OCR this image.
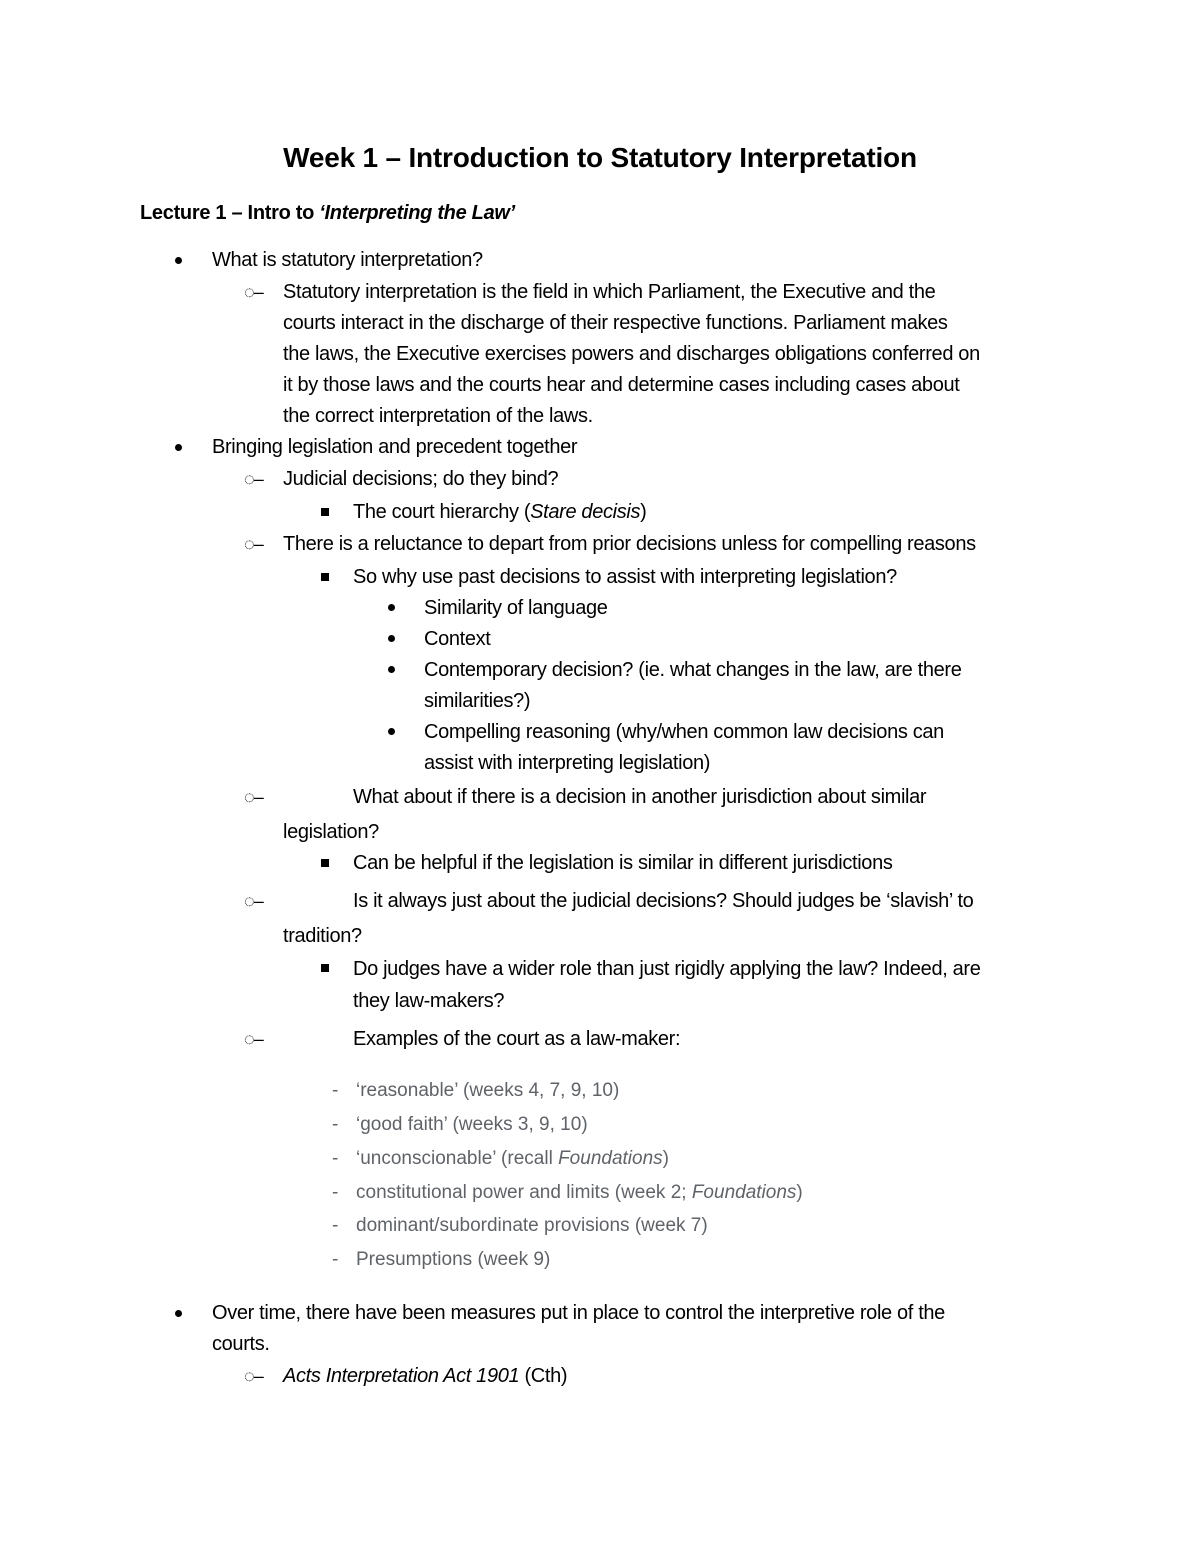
Week 1 – Introduction to Statutory Interpretation
Lecture 1 – Intro to ‘Interpreting the Law’
What is statutory interpretation?
◌– Statutory interpretation is the field in which Parliament, the Executive and the
courts interact in the discharge of their respective functions. Parliament makes
the laws, the Executive exercises powers and discharges obligations conferred on
it by those laws and the courts hear and determine cases including cases about
the correct interpretation of the laws.
Bringing legislation and precedent together
◌– Judicial decisions; do they bind?
The court hierarchy (Stare decisis)
◌– There is a reluctance to depart from prior decisions unless for compelling reasons
So why use past decisions to assist with interpreting legislation?
Similarity of language
Context
Contemporary decision? (ie. what changes in the law, are there
similarities?)
Compelling reasoning (why/when common law decisions can
assist with interpreting legislation)
◌–	What about if there is a decision in another jurisdiction about similar
legislation?
Can be helpful if the legislation is similar in different jurisdictions
◌–	Is it always just about the judicial decisions? Should judges be ‘slavish’ to
tradition?
Do judges have a wider role than just rigidly applying the law? Indeed, are
they law-makers?
◌–	Examples of the court as a law-maker:
- ‘reasonable’ (weeks 4, 7, 9, 10)
- ‘good faith’ (weeks 3, 9, 10)
- ‘unconscionable’ (recall Foundations)
- constitutional power and limits (week 2; Foundations)
- dominant/subordinate provisions (week 7)
- Presumptions (week 9)
Over time, there have been measures put in place to control the interpretive role of the
courts.
◌– Acts Interpretation Act 1901 (Cth)
